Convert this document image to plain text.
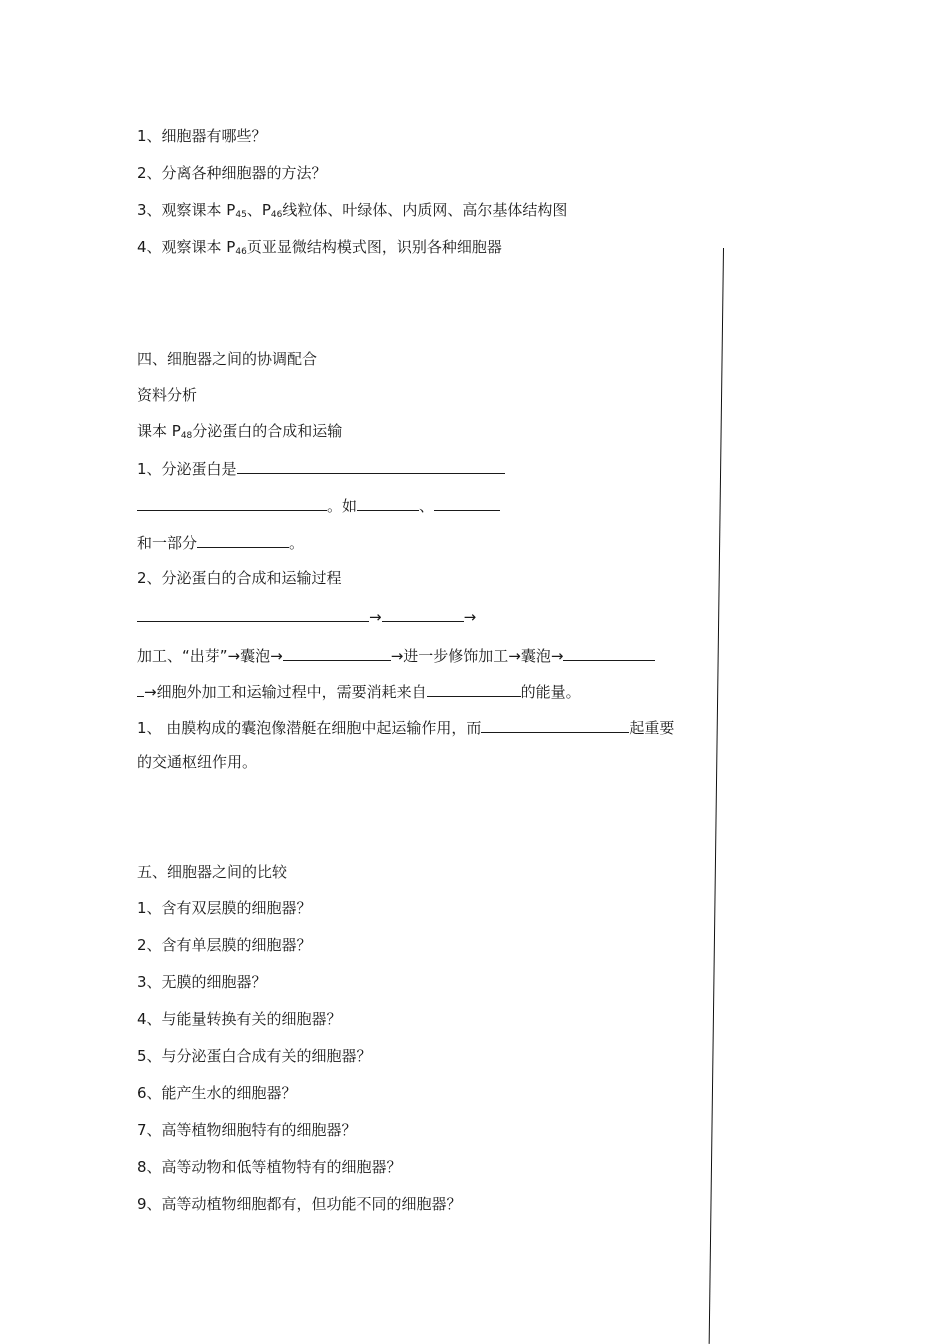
1、细胞器有哪些？
2、分离各种细胞器的方法？
3、观察课本 $P_{45}$、$P_{46}$线粒体、叶绿体、内质网、高尔基体结构图
4、观察课本 $P_{46}$页亚显微结构模式图，识别各种细胞器
四、细胞器之间的协调配合
资料分析
课本 $P_{48}$分泌蛋白的合成和运输
1、分泌蛋白是
。如	、
和一部分	。
2、分泌蛋白的合成和运输过程
→	→
加工、“出芽”→囊泡→	→进一步修饰加工→囊泡→
→细胞外加工和运输过程中，需要消耗来自	的能量。
1、 由膜构成的囊泡像潜艇在细胞中起运输作用，而	起重要
的交通枢纽作用。
五、细胞器之间的比较
1、含有双层膜的细胞器？
2、含有单层膜的细胞器？
3、无膜的细胞器？
4、与能量转换有关的细胞器？
5、与分泌蛋白合成有关的细胞器？
6、能产生水的细胞器？
7、高等植物细胞特有的细胞器？
8、高等动物和低等植物特有的细胞器？
9、高等动植物细胞都有，但功能不同的细胞器？
